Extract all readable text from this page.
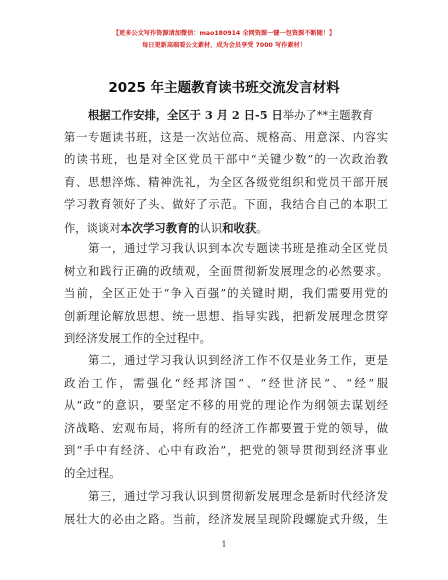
【更多公文写作资源请加微信：mao180914 全网资源一键一包资源不断随！】
每日更新高端看公文素材，成为会员享受 7000 写作素材！
2025 年主题教育读书班交流发言材料
根据工作安排，全区于 3 月 2 日-5 日举办了**主题教育
第一专题读书班，这是一次站位高、规格高、用意深、内容实
的读书班，也是对全区党员干部中“关键少数”的一次政治教
育、思想淬炼、精神洗礼，为全区各级党组织和党员干部开展
学习教育领好了头、做好了示范。下面，我结合自己的本职工
作，谈谈对本次学习教育的认识和收获。
第一，通过学习我认识到本次专题读书班是推动全区党员
树立和践行正确的政绩观，全面贯彻新发展理念的必然要求。
当前，全区正处于“争入百强”的关键时期，我们需要用党的
创新理论解放思想、统一思想、指导实践，把新发展理念贯穿
到经济发展工作的全过程中。
第二，通过学习我认识到经济工作不仅是业务工作，更是
政治工作，需强化“经邦济国”、“经世济民”、“经”服
从“政”的意识，要坚定不移的用党的理论作为纲领去谋划经
济战略、宏观布局，将所有的经济工作都要置于党的领导，做
到“手中有经济、心中有政治”，把党的领导贯彻到经济事业
的全过程。
第三，通过学习我认识到贯彻新发展理念是新时代经济发
展壮大的必由之路。当前，经济发展呈现阶段螺旋式升级，生
1
